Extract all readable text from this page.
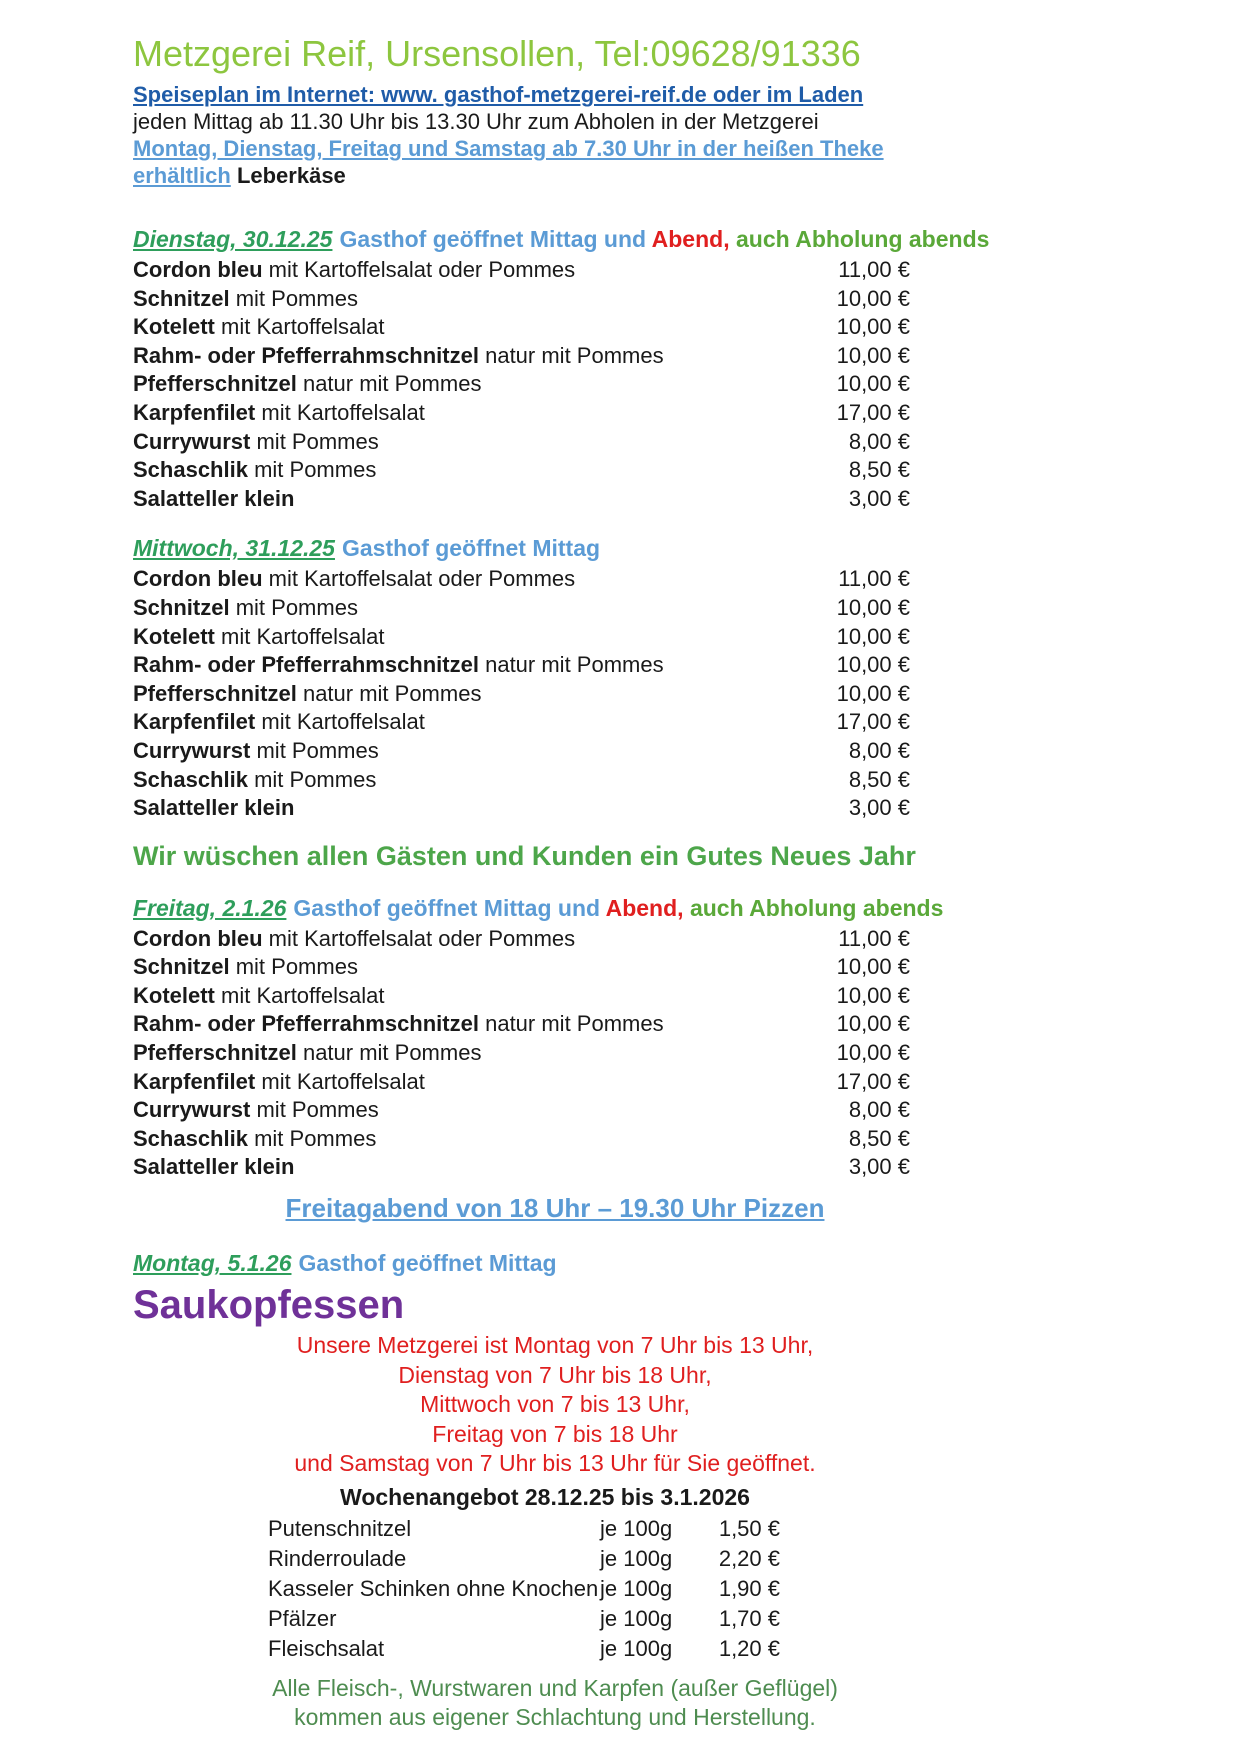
Metzgerei Reif, Ursensollen, Tel:09628/91336
Speiseplan im Internet: www. gasthof-metzgerei-reif.de oder im Laden
jeden Mittag ab 11.30 Uhr bis 13.30 Uhr zum Abholen in der Metzgerei
Montag, Dienstag, Freitag und Samstag ab 7.30 Uhr in der heißen Theke erhältlich Leberkäse
Dienstag, 30.12.25 Gasthof geöffnet Mittag und Abend, auch Abholung abends
Cordon bleu mit Kartoffelsalat oder Pommes	11,00 €
Schnitzel mit Pommes	10,00 €
Kotelett mit Kartoffelsalat	10,00 €
Rahm- oder Pfefferrahmschnitzel natur mit Pommes	10,00 €
Pfefferschnitzel natur mit Pommes	10,00 €
Karpfenfilet mit Kartoffelsalat	17,00 €
Currywurst mit Pommes	8,00 €
Schaschlik mit Pommes	8,50 €
Salatteller klein	3,00 €
Mittwoch, 31.12.25 Gasthof geöffnet Mittag
Cordon bleu mit Kartoffelsalat oder Pommes	11,00 €
Schnitzel mit Pommes	10,00 €
Kotelett mit Kartoffelsalat	10,00 €
Rahm- oder Pfefferrahmschnitzel natur mit Pommes	10,00 €
Pfefferschnitzel natur mit Pommes	10,00 €
Karpfenfilet mit Kartoffelsalat	17,00 €
Currywurst mit Pommes	8,00 €
Schaschlik mit Pommes	8,50 €
Salatteller klein	3,00 €
Wir wüschen allen Gästen und Kunden ein Gutes Neues Jahr
Freitag, 2.1.26 Gasthof geöffnet Mittag und Abend, auch Abholung abends
Cordon bleu mit Kartoffelsalat oder Pommes	11,00 €
Schnitzel mit Pommes	10,00 €
Kotelett mit Kartoffelsalat	10,00 €
Rahm- oder Pfefferrahmschnitzel natur mit Pommes	10,00 €
Pfefferschnitzel natur mit Pommes	10,00 €
Karpfenfilet mit Kartoffelsalat	17,00 €
Currywurst mit Pommes	8,00 €
Schaschlik mit Pommes	8,50 €
Salatteller klein	3,00 €
Freitagabend von 18 Uhr – 19.30 Uhr Pizzen
Montag, 5.1.26 Gasthof geöffnet Mittag
Saukopfessen
Unsere Metzgerei ist Montag von 7 Uhr bis 13 Uhr,
Dienstag von 7 Uhr bis 18 Uhr,
Mittwoch von 7 bis 13 Uhr,
Freitag von 7 bis 18 Uhr
und Samstag von 7 Uhr bis 13 Uhr für Sie geöffnet.
Wochenangebot 28.12.25 bis 3.1.2026
Putenschnitzel	je 100g	1,50 €
Rinderroulade	je 100g	2,20 €
Kasseler Schinken ohne Knochen je 100g	1,90 €
Pfälzer	je 100g	1,70 €
Fleischsalat	je 100g	1,20 €
Alle Fleisch-, Wurstwaren und Karpfen (außer Geflügel)
kommen aus eigener Schlachtung und Herstellung.
